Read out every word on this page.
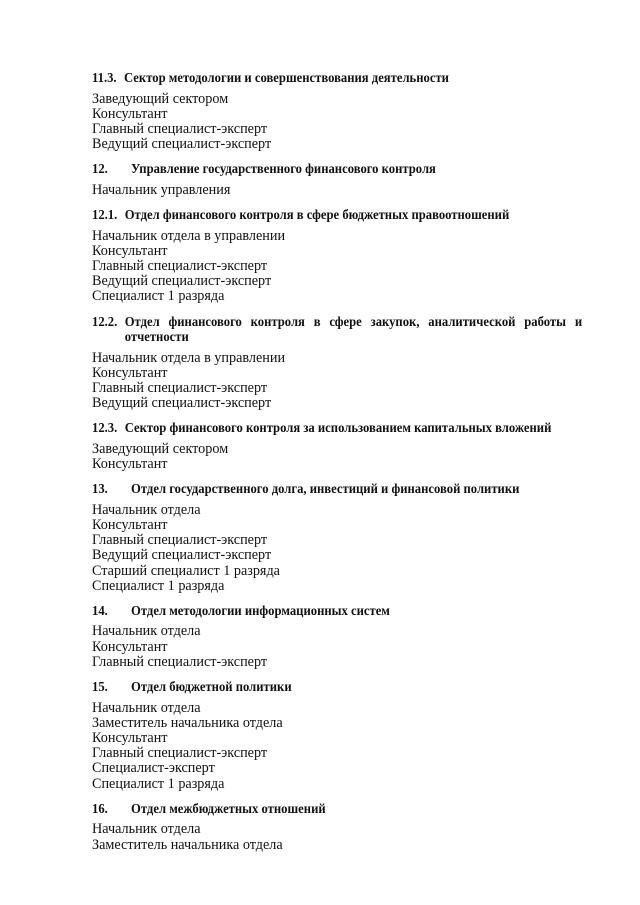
11.3. Сектор методологии и совершенствования деятельности
Заведующий сектором
Консультант
Главный специалист-эксперт
Ведущий специалист-эксперт
12.	Управление государственного финансового контроля
Начальник управления
12.1. Отдел финансового контроля в сфере бюджетных правоотношений
Начальник отдела в управлении
Консультант
Главный специалист-эксперт
Ведущий специалист-эксперт
Специалист 1 разряда
12.2. Отдел финансового контроля в сфере закупок, аналитической работы и отчетности
Начальник отдела в управлении
Консультант
Главный специалист-эксперт
Ведущий специалист-эксперт
12.3. Сектор финансового контроля за использованием капитальных вложений
Заведующий сектором
Консультант
13.	Отдел государственного долга, инвестиций и финансовой политики
Начальник отдела
Консультант
Главный специалист-эксперт
Ведущий специалист-эксперт
Старший специалист 1 разряда
Специалист 1 разряда
14.	Отдел методологии информационных систем
Начальник отдела
Консультант
Главный специалист-эксперт
15.	Отдел бюджетной политики
Начальник отдела
Заместитель начальника отдела
Консультант
Главный специалист-эксперт
Специалист-эксперт
Специалист 1 разряда
16.	Отдел межбюджетных отношений
Начальник отдела
Заместитель начальника отдела
